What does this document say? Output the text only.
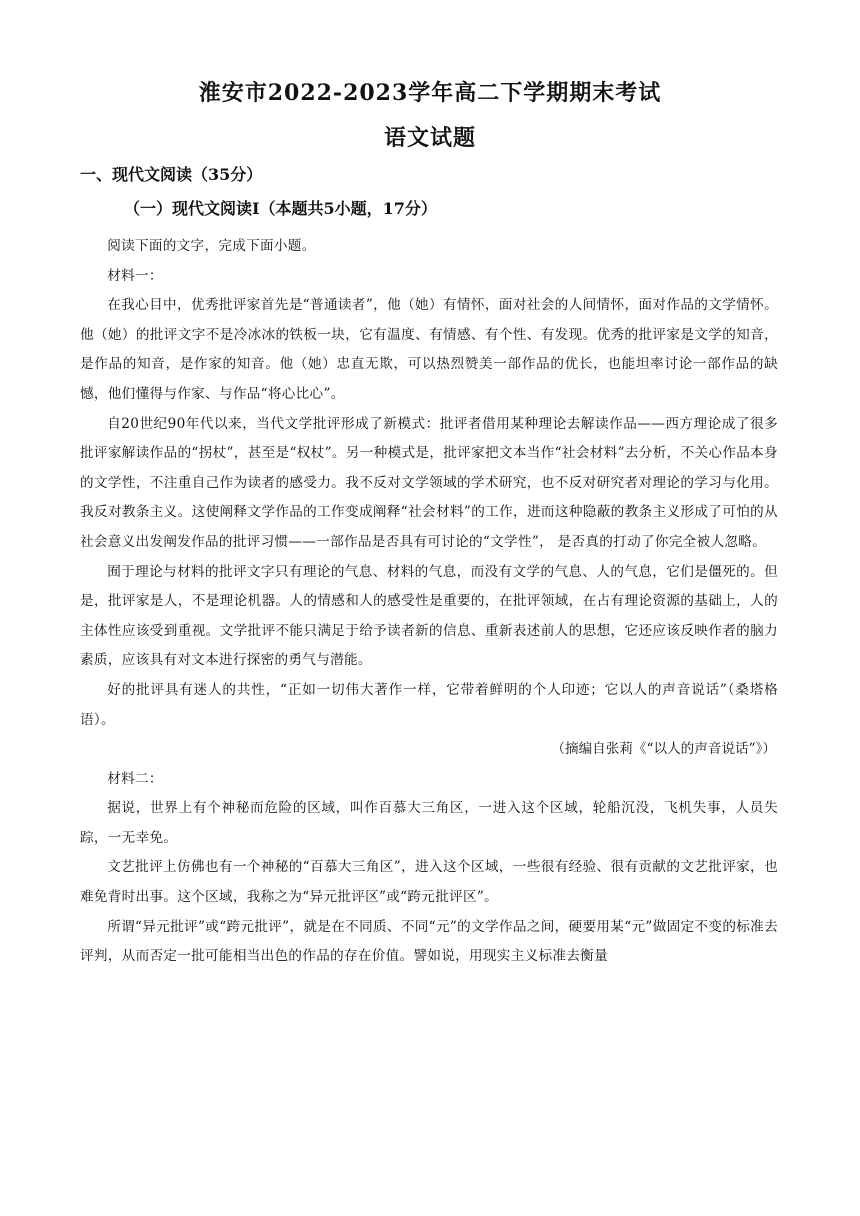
淮安市2022-2023学年高二下学期期末考试
语文试题
一、现代文阅读（35分）
（一）现代文阅读Ⅰ（本题共5小题，17分）

阅读下面的文字，完成下面小题。

材料一：

在我心目中，优秀批评家首先是“普通读者”，他（她）有情怀，面对社会的人间情怀，面对作品的文学情怀。他（她）的批评文字不是冷冰冰的铁板一块，它有温度、有情感、有个性、有发现。优秀的批评家是文学的知音，是作品的知音，是作家的知音。他（她）忠直无欺，可以热烈赞美一部作品的优长，也能坦率讨论一部作品的缺憾，他们懂得与作家、与作品“将心比心”。

自20世纪90年代以来，当代文学批评形成了新模式：批评者借用某种理论去解读作品——西方理论成了很多批评家解读作品的“拐杖”，甚至是“权杖”。另一种模式是，批评家把文本当作“社会材料”去分析，不关心作品本身的文学性，不注重自己作为读者的感受力。我不反对文学领域的学术研究，也不反对研究者对理论的学习与化用。我反对教条主义。这使阐释文学作品的工作变成阐释“社会材料”的工作，进而这种隐蔽的教条主义形成了可怕的从社会意义出发阐发作品的批评习惯——一部作品是否具有可讨论的“文学性”， 是否真的打动了你完全被人忽略。

囿于理论与材料的批评文字只有理论的气息、材料的气息，而没有文学的气息、人的气息，它们是僵死的。但是，批评家是人，不是理论机器。人的情感和人的感受性是重要的，在批评领域，在占有理论资源的基础上，人的主体性应该受到重视。文学批评不能只满足于给予读者新的信息、重新表述前人的思想，它还应该反映作者的脑力素质，应该具有对文本进行探密的勇气与潜能。

好的批评具有迷人的共性，“正如一切伟大著作一样，它带着鲜明的个人印迹；它以人的声音说话”（桑塔格语）。

（摘编自张莉《“以人的声音说话”》）

材料二：

据说，世界上有个神秘而危险的区域，叫作百慕大三角区，一进入这个区域，轮船沉没，飞机失事，人员失踪，一无幸免。

文艺批评上仿佛也有一个神秘的“百慕大三角区”，进入这个区域，一些很有经验、很有贡献的文艺批评家，也难免背时出事。这个区域，我称之为“异元批评区”或“跨元批评区”。

所谓“异元批评”或“跨元批评”，就是在不同质、不同“元”的文学作品之间，硬要用某“元”做固定不变的标准去评判，从而否定一批可能相当出色的作品的存在价值。譬如说，用现实主义标准去衡量
